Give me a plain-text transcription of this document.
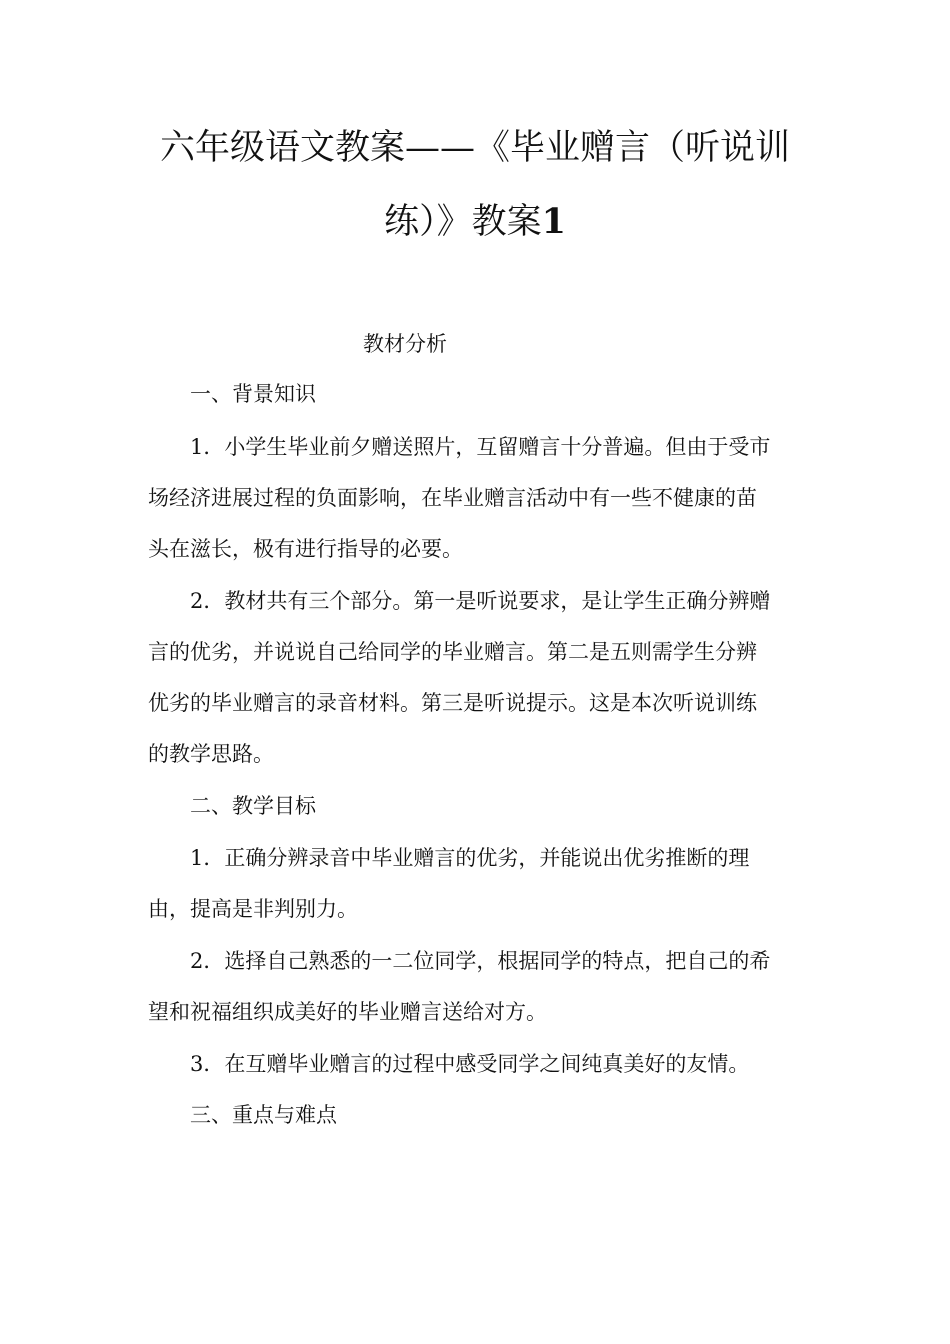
六年级语文教案——《毕业赠言（听说训
练）》教案1
教材分析
一、背景知识
1．小学生毕业前夕赠送照片，互留赠言十分普遍。但由于受市
场经济进展过程的负面影响，在毕业赠言活动中有一些不健康的苗
头在滋长，极有进行指导的必要。
2．教材共有三个部分。第一是听说要求，是让学生正确分辨赠
言的优劣，并说说自己给同学的毕业赠言。第二是五则需学生分辨
优劣的毕业赠言的录音材料。第三是听说提示。这是本次听说训练
的教学思路。
二、教学目标
1．正确分辨录音中毕业赠言的优劣，并能说出优劣推断的理
由，提高是非判别力。
2．选择自己熟悉的一二位同学，根据同学的特点，把自己的希
望和祝福组织成美好的毕业赠言送给对方。
3．在互赠毕业赠言的过程中感受同学之间纯真美好的友情。
三、重点与难点
